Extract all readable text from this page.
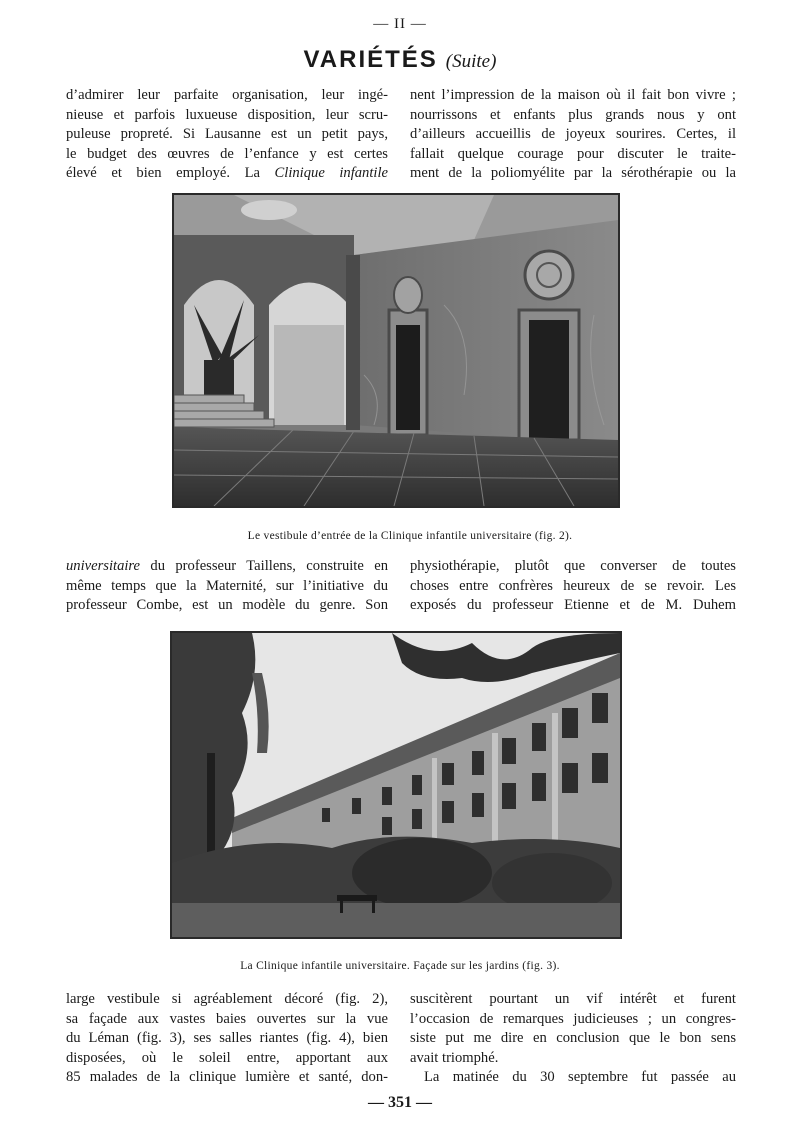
— II —
VARIÉTÉS (Suite)
d’admirer leur parfaite organisation, leur ingé-
nieuse et parfois luxueuse disposition, leur scru-
puleuse propreté. Si Lausanne est un petit pays,
le budget des œuvres de l’enfance y est certes
élevé et bien employé. La Clinique infantile
nent l’impression de la maison où il fait bon vivre ;
nourrissons et enfants plus grands nous y ont
d’ailleurs accueillis de joyeux sourires. Certes, il
fallait quelque courage pour discuter le traite-
ment de la poliomyélite par la sérothérapie ou la
Le vestibule d’entrée de la Clinique infantile universitaire (fig. 2).
universitaire du professeur Taillens, construite en
même temps que la Maternité, sur l’initiative du
professeur Combe, est un modèle du genre. Son
physiothérapie, plutôt que converser de toutes
choses entre confrères heureux de se revoir. Les
exposés du professeur Etienne et de M. Duhem
La Clinique infantile universitaire. Façade sur les jardins (fig. 3).
large vestibule si agréablement décoré (fig. 2),
sa façade aux vastes baies ouvertes sur la vue
du Léman (fig. 3), ses salles riantes (fig. 4), bien
disposées, où le soleil entre, apportant aux
85 malades de la clinique lumière et santé, don-
suscitèrent pourtant un vif intérêt et furent
l’occasion de remarques judicieuses ; un congres-
siste put me dire en conclusion que le bon sens
avait triomphé.
La matinée du 30 septembre fut passée au
— 351 —
